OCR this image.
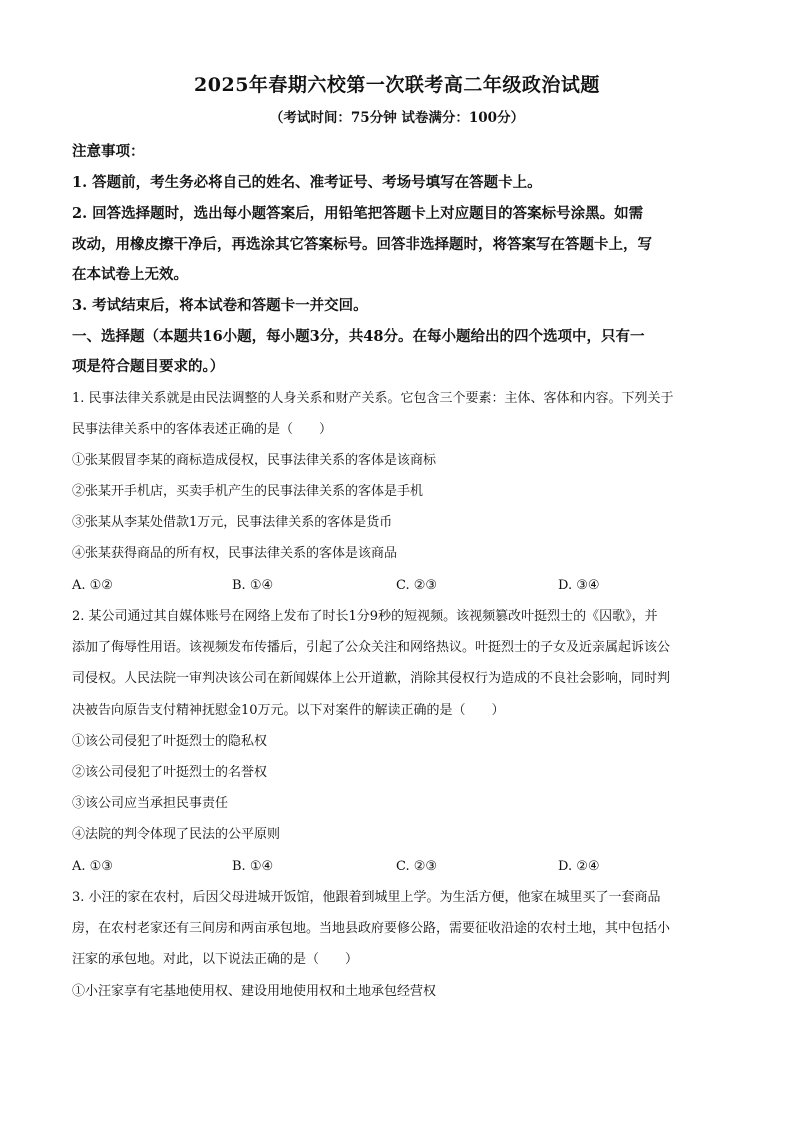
2025年春期六校第一次联考高二年级政治试题
（考试时间：75分钟 试卷满分：100分）
注意事项：
1. 答题前，考生务必将自己的姓名、准考证号、考场号填写在答题卡上。
2. 回答选择题时，选出每小题答案后，用铅笔把答题卡上对应题目的答案标号涂黑。如需
改动，用橡皮擦干净后，再选涂其它答案标号。回答非选择题时，将答案写在答题卡上，写
在本试卷上无效。
3. 考试结束后，将本试卷和答题卡一并交回。
一、选择题（本题共16小题，每小题3分，共48分。在每小题给出的四个选项中，只有一
项是符合题目要求的。）
1. 民事法律关系就是由民法调整的人身关系和财产关系。它包含三个要素：主体、客体和内容。下列关于
民事法律关系中的客体表述正确的是（　　）
①张某假冒李某的商标造成侵权，民事法律关系的客体是该商标
②张某开手机店，买卖手机产生的民事法律关系的客体是手机
③张某从李某处借款1万元，民事法律关系的客体是货币
④张某获得商品的所有权，民事法律关系的客体是该商品
A. ①②	B. ①④	C. ②③	D. ③④
2. 某公司通过其自媒体账号在网络上发布了时长1分9秒的短视频。该视频篡改叶挺烈士的《囚歌》，并
添加了侮辱性用语。该视频发布传播后，引起了公众关注和网络热议。叶挺烈士的子女及近亲属起诉该公
司侵权。人民法院一审判决该公司在新闻媒体上公开道歉，消除其侵权行为造成的不良社会影响，同时判
决被告向原告支付精神抚慰金10万元。以下对案件的解读正确的是（　　）
①该公司侵犯了叶挺烈士的隐私权
②该公司侵犯了叶挺烈士的名誉权
③该公司应当承担民事责任
④法院的判令体现了民法的公平原则
A. ①③	B. ①④	C. ②③	D. ②④
3. 小汪的家在农村，后因父母进城开饭馆，他跟着到城里上学。为生活方便，他家在城里买了一套商品
房，在农村老家还有三间房和两亩承包地。当地县政府要修公路，需要征收沿途的农村土地，其中包括小
汪家的承包地。对此，以下说法正确的是（　　）
①小汪家享有宅基地使用权、建设用地使用权和土地承包经营权
